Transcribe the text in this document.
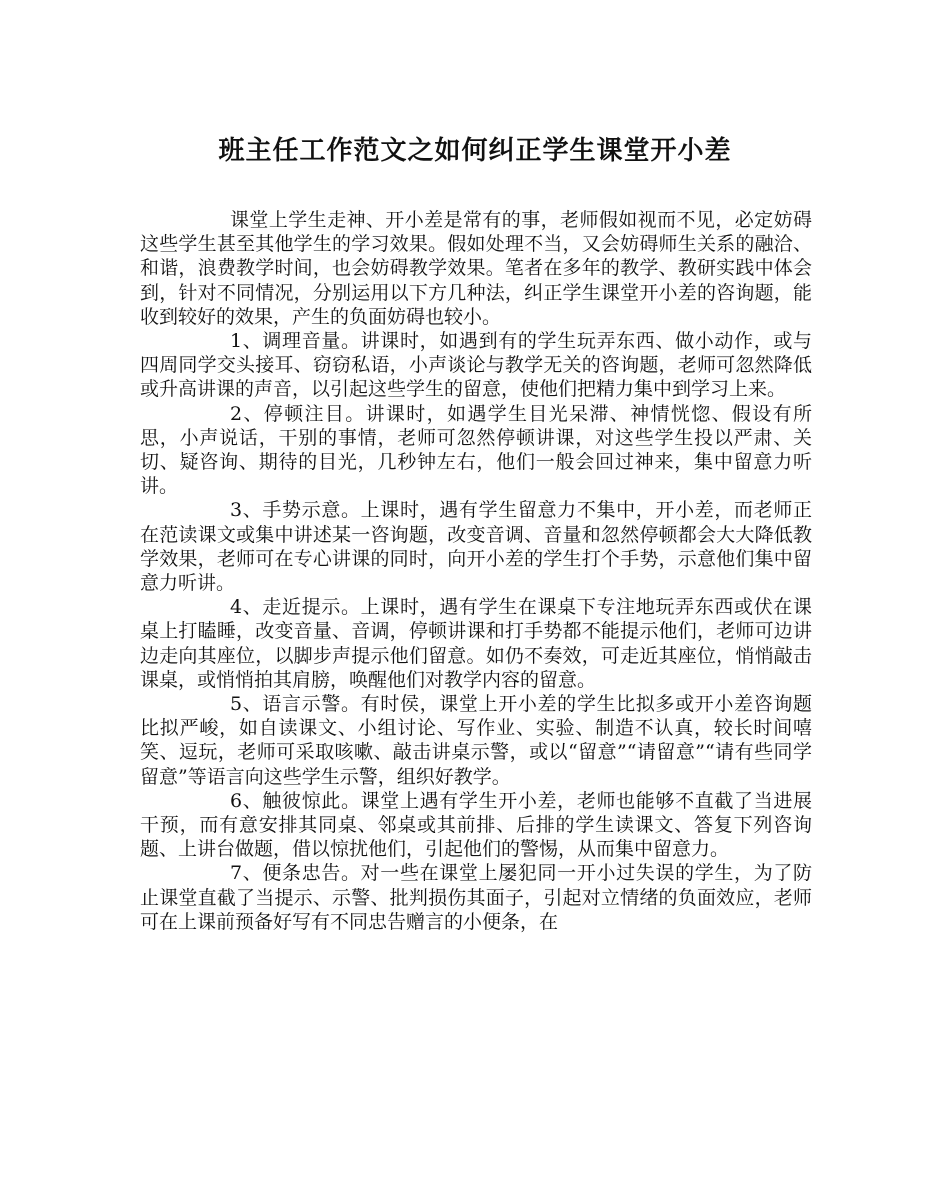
班主任工作范文之如何纠正学生课堂开小差

课堂上学生走神、开小差是常有的事，老师假如视而不见，必定妨碍这些学生甚至其他学生的学习效果。假如处理不当，又会妨碍师生关系的融洽、和谐，浪费教学时间，也会妨碍教学效果。笔者在多年的教学、教研实践中体会到，针对不同情况，分别运用以下方几种法，纠正学生课堂开小差的咨询题，能收到较好的效果，产生的负面妨碍也较小。

1、调理音量。讲课时，如遇到有的学生玩弄东西、做小动作，或与四周同学交头接耳、窃窃私语，小声谈论与教学无关的咨询题，老师可忽然降低或升高讲课的声音，以引起这些学生的留意，使他们把精力集中到学习上来。

2、停顿注目。讲课时，如遇学生目光呆滞、神情恍惚、假设有所思，小声说话，干别的事情，老师可忽然停顿讲课，对这些学生投以严肃、关切、疑咨询、期待的目光，几秒钟左右，他们一般会回过神来，集中留意力听讲。

3、手势示意。上课时，遇有学生留意力不集中，开小差，而老师正在范读课文或集中讲述某一咨询题，改变音调、音量和忽然停顿都会大大降低教学效果，老师可在专心讲课的同时，向开小差的学生打个手势，示意他们集中留意力听讲。

4、走近提示。上课时，遇有学生在课桌下专注地玩弄东西或伏在课桌上打瞌睡，改变音量、音调，停顿讲课和打手势都不能提示他们，老师可边讲边走向其座位，以脚步声提示他们留意。如仍不奏效，可走近其座位，悄悄敲击课桌，或悄悄拍其肩膀，唤醒他们对教学内容的留意。

5、语言示警。有时侯，课堂上开小差的学生比拟多或开小差咨询题比拟严峻，如自读课文、小组讨论、写作业、实验、制造不认真，较长时间嘻笑、逗玩，老师可采取咳嗽、敲击讲桌示警，或以“留意”“请留意”“请有些同学留意”等语言向这些学生示警，组织好教学。

6、触彼惊此。课堂上遇有学生开小差，老师也能够不直截了当进展干预，而有意安排其同桌、邻桌或其前排、后排的学生读课文、答复下列咨询题、上讲台做题，借以惊扰他们，引起他们的警惕，从而集中留意力。

7、便条忠告。对一些在课堂上屡犯同一开小过失误的学生，为了防止课堂直截了当提示、示警、批判损伤其面子，引起对立情绪的负面效应，老师可在上课前预备好写有不同忠告赠言的小便条，在
